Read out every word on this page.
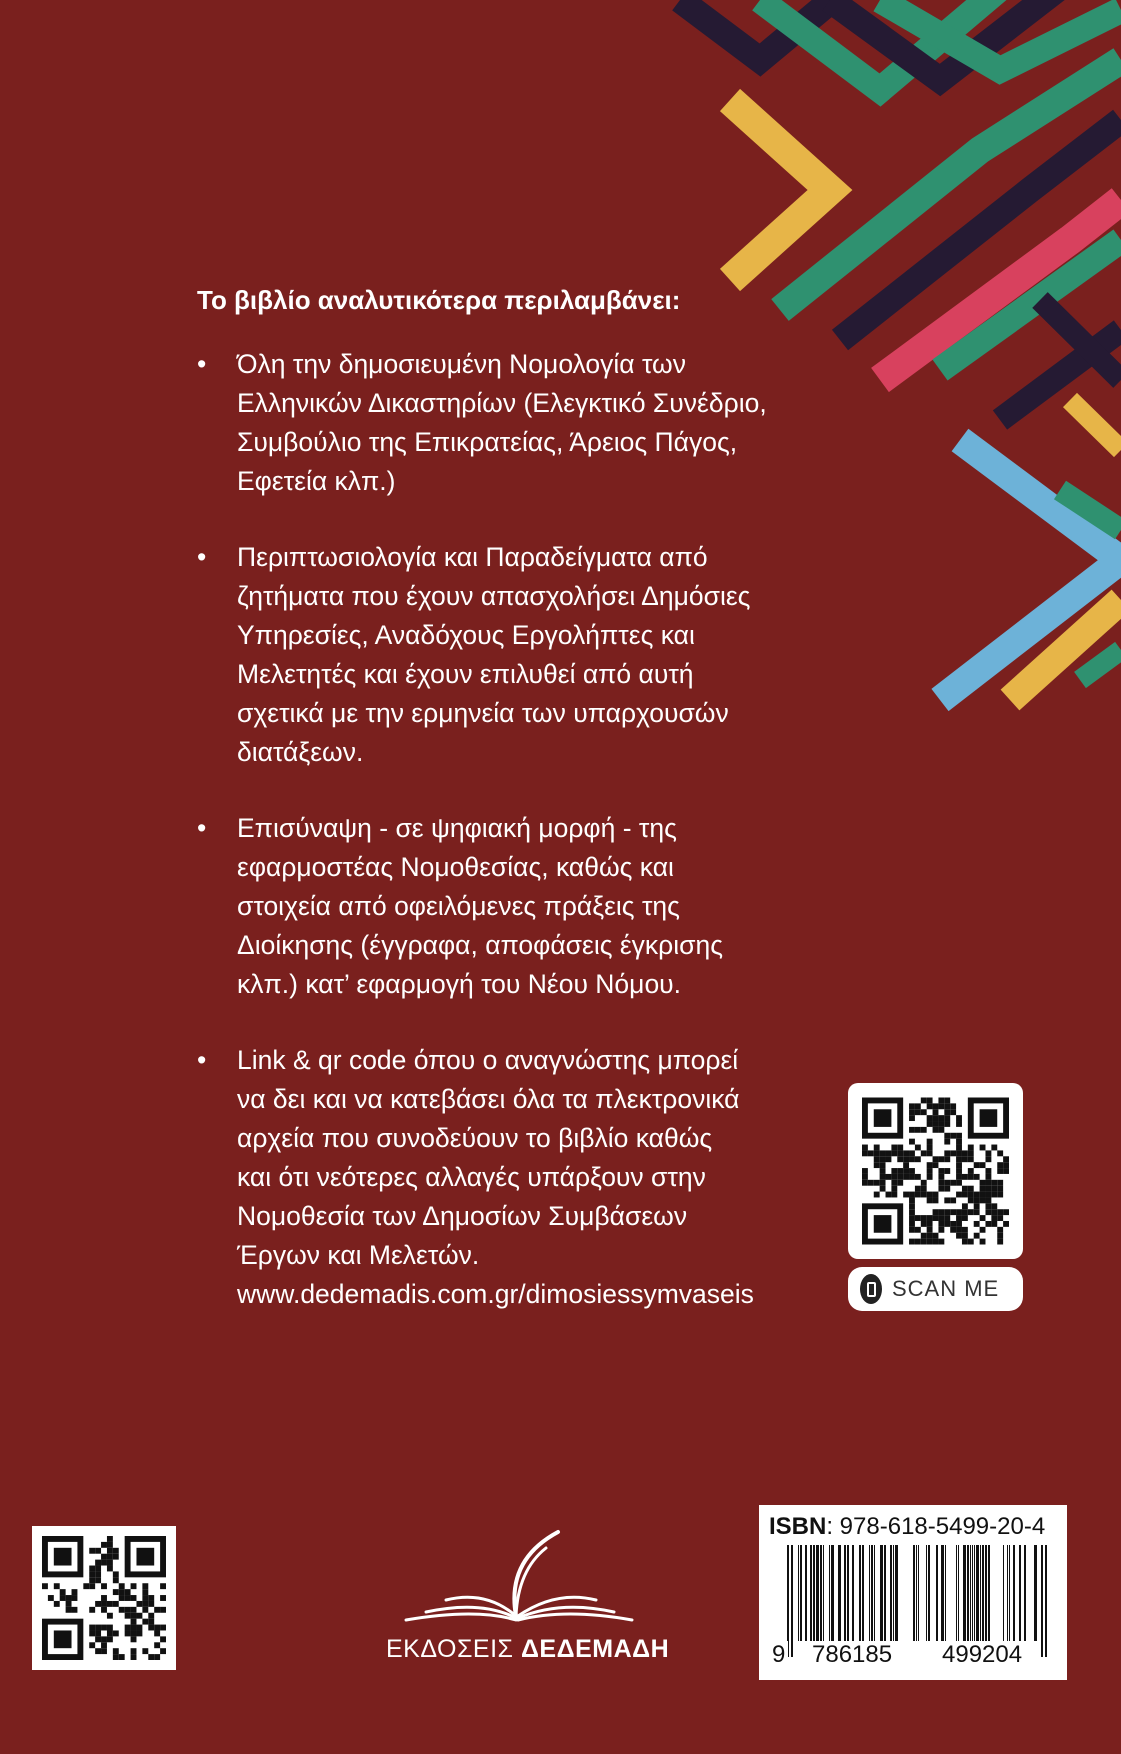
Το βιβλίο αναλυτικότερα περιλαμβάνει:
• Όλη την δημοσιευμένη Νομολογία των
Ελληνικών Δικαστηρίων (Ελεγκτικό Συνέδριο,
Συμβούλιο της Επικρατείας, Άρειος Πάγος,
Εφετεία κλπ.)
• Περιπτωσιολογία και Παραδείγματα από
ζητήματα που έχουν απασχολήσει Δημόσιες
Υπηρεσίες, Αναδόχους Εργολήπτες και
Μελετητές και έχουν επιλυθεί από αυτή
σχετικά με την ερμηνεία των υπαρχουσών
διατάξεων.
• Επισύναψη - σε ψηφιακή μορφή - της
εφαρμοστέας Νομοθεσίας, καθώς και
στοιχεία από οφειλόμενες πράξεις της
Διοίκησης (έγγραφα, αποφάσεις έγκρισης
κλπ.) κατ’ εφαρμογή του Νέου Νόμου.
• Link & qr code όπου ο αναγνώστης μπορεί
να δει και να κατεβάσει όλα τα πλεκτρονικά
αρχεία που συνοδεύουν το βιβλίο καθώς
και ότι νεότερες αλλαγές υπάρξουν στην
Νομοθεσία των Δημοσίων Συμβάσεων
Έργων και Μελετών.
www.dedemadis.com.gr/dimosiessymvaseis	SCAN ME
ΕΚΔΟΣΕΙΣ ΔΕΔΕΜΑΔΗ
ISBN: 978-618-5499-20-4
9 786185 499204
